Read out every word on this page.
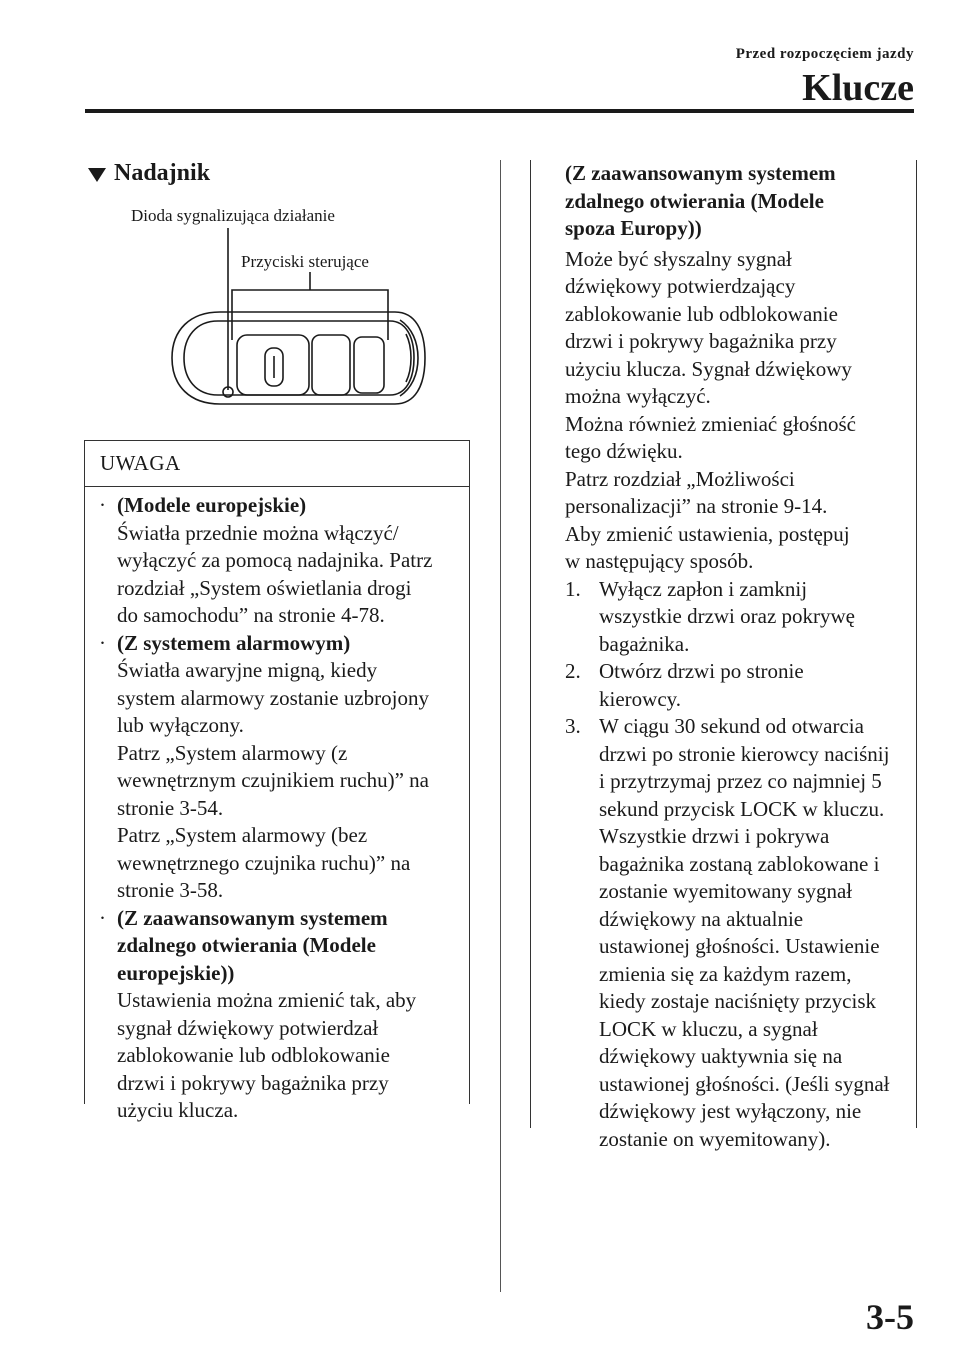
Przed rozpoczęciem jazdy

Klucze
Nadajnik
Dioda sygnalizująca działanie
Przyciski sterujące
UWAGA
· (Modele europejskie)

Światła przednie można włączyć/

wyłączyć za pomocą nadajnika. Patrz

rozdział „System oświetlania drogi

do samochodu” na stronie 4-78.

· (Z systemem alarmowym)

Światła awaryjne migną, kiedy

system alarmowy zostanie uzbrojony

lub wyłączony.

Patrz „System alarmowy (z

wewnętrznym czujnikiem ruchu)” na

stronie 3-54.

Patrz „System alarmowy (bez

wewnętrznego czujnika ruchu)” na

stronie 3-58.

· (Z zaawansowanym systemem

zdalnego otwierania (Modele

europejskie))

Ustawienia można zmienić tak, aby

sygnał dźwiękowy potwierdzał

zablokowanie lub odblokowanie

drzwi i pokrywy bagażnika przy

użyciu klucza.

(Z zaawansowanym systemem

zdalnego otwierania (Modele

spoza Europy))

Może być słyszalny sygnał

dźwiękowy potwierdzający

zablokowanie lub odblokowanie

drzwi i pokrywy bagażnika przy

użyciu klucza. Sygnał dźwiękowy

można wyłączyć.

Można również zmieniać głośność

tego dźwięku.

Patrz rozdział „Możliwości

personalizacji” na stronie 9-14.

Aby zmienić ustawienia, postępuj

w następujący sposób.

1. Wyłącz zapłon i zamknij
wszystkie drzwi oraz pokrywę
bagażnika.
2. Otwórz drzwi po stronie
kierowcy.
3. W ciągu 30 sekund od otwarcia
drzwi po stronie kierowcy naciśnij
i przytrzymaj przez co najmniej 5
sekund przycisk LOCK w kluczu.
Wszystkie drzwi i pokrywa
bagażnika zostaną zablokowane i
zostanie wyemitowany sygnał
dźwiękowy na aktualnie
ustawionej głośności. Ustawienie
zmienia się za każdym razem,
kiedy zostaje naciśnięty przycisk
LOCK w kluczu, a sygnał
dźwiękowy uaktywnia się na
ustawionej głośności. (Jeśli sygnał
dźwiękowy jest wyłączony, nie
zostanie on wyemitowany).

3-5
